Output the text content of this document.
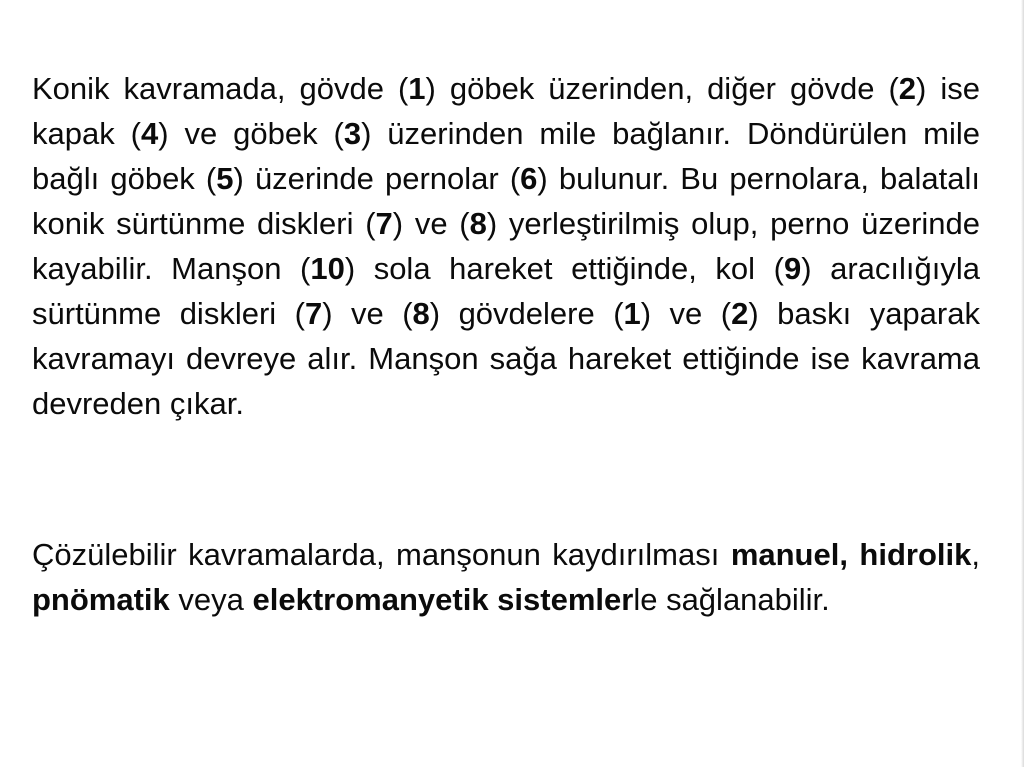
Konik kavramada, gövde (1) göbek üzerinden, diğer gövde (2) ise kapak (4) ve göbek (3) üzerinden mile bağlanır. Döndürülen mile bağlı göbek (5) üzerinde pernolar (6) bulunur. Bu pernolara, balatalı konik sürtünme diskleri (7) ve (8) yerleştirilmiş olup, perno üzerinde kayabilir. Manşon (10) sola hareket ettiğinde, kol (9) aracılığıyla sürtünme diskleri (7) ve (8) gövdelere (1) ve (2) baskı yaparak kavramayı devreye alır. Manşon sağa hareket ettiğinde ise kavrama devreden çıkar.

Çözülebilir kavramalarda, manşonun kaydırılması manuel, hidrolik, pnömatik veya elektromanyetik sistemlerle sağlanabilir.
